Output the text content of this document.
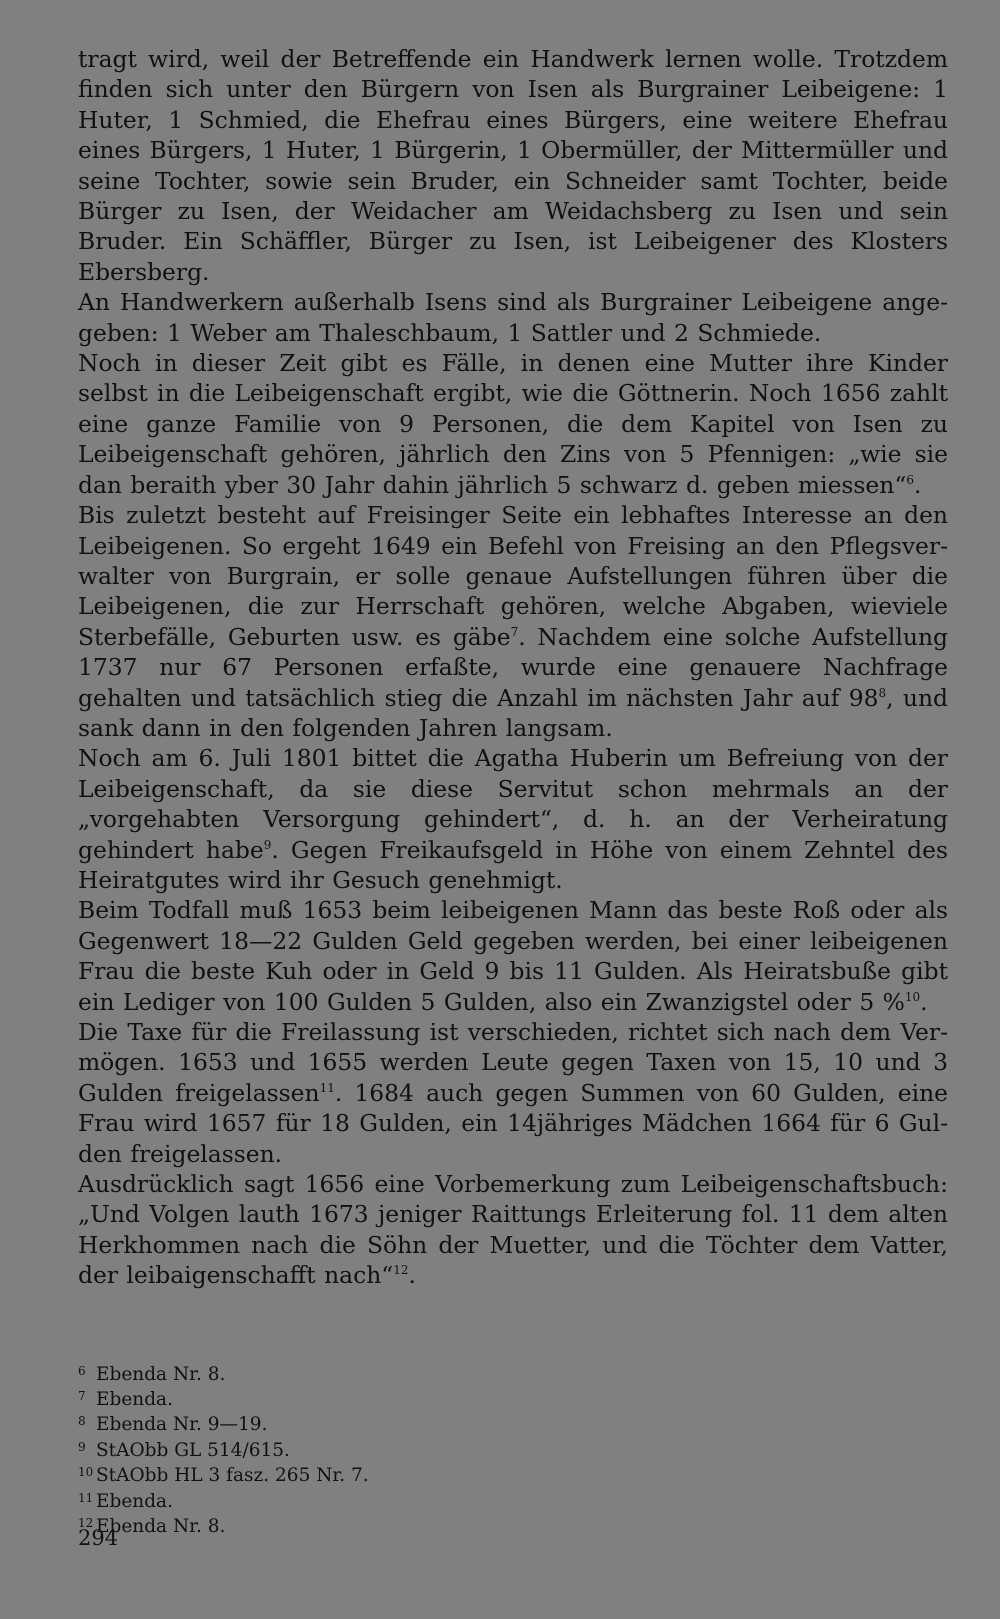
tragt wird, weil der Betreffende ein Handwerk lernen wolle. Trotzdem finden sich unter den Bürgern von Isen als Burgrainer Leibeigene: 1 Huter, 1 Schmied, die Ehefrau eines Bürgers, eine weitere Ehefrau eines Bürgers, 1 Huter, 1 Bürgerin, 1 Obermüller, der Mittermüller und seine Tochter, sowie sein Bruder, ein Schneider samt Tochter, beide Bürger zu Isen, der Weidacher am Weidachsberg zu Isen und sein Bruder. Ein Schäffler, Bürger zu Isen, ist Leibeigener des Klosters Ebersberg.

An Handwerkern außerhalb Isens sind als Burgrainer Leibeigene angegeben: 1 Weber am Thaleschbaum, 1 Sattler und 2 Schmiede.

Noch in dieser Zeit gibt es Fälle, in denen eine Mutter ihre Kinder selbst in die Leibeigenschaft ergibt, wie die Göttnerin. Noch 1656 zahlt eine ganze Familie von 9 Personen, die dem Kapitel von Isen zu Leibeigenschaft gehören, jährlich den Zins von 5 Pfennigen: „wie sie dan beraith yber 30 Jahr dahin jährlich 5 schwarz d. geben miessen“$^6$.

Bis zuletzt besteht auf Freisinger Seite ein lebhaftes Interesse an den Leibeigenen. So ergeht 1649 ein Befehl von Freising an den Pflegsverwalter von Burgrain, er solle genaue Aufstellungen führen über die Leibeigenen, die zur Herrschaft gehören, welche Abgaben, wieviele Sterbefälle, Geburten usw. es gäbe$^7$. Nachdem eine solche Aufstellung 1737 nur 67 Personen erfaßte, wurde eine genauere Nachfrage gehalten und tatsächlich stieg die Anzahl im nächsten Jahr auf $98^8$, und sank dann in den folgenden Jahren langsam.

Noch am 6. Juli 1801 bittet die Agatha Huberin um Befreiung von der Leibeigenschaft, da sie diese Servitut schon mehrmals an der „vorgehabten Versorgung gehindert“, d. h. an der Verheiratung gehindert habe$^9$. Gegen Freikaufsgeld in Höhe von einem Zehntel des Heiratgutes wird ihr Gesuch genehmigt.

Beim Todfall muß 1653 beim leibeigenen Mann das beste Roß oder als Gegenwert 18—22 Gulden Geld gegeben werden, bei einer leibeigenen Frau die beste Kuh oder in Geld 9 bis 11 Gulden. Als Heiratsbuße gibt ein Lediger von 100 Gulden 5 Gulden, also ein Zwanzigstel oder 5 %$^{10}$.

Die Taxe für die Freilassung ist verschieden, richtet sich nach dem Vermögen. 1653 und 1655 werden Leute gegen Taxen von 15, 10 und 3 Gulden freigelassen$^{11}$. 1684 auch gegen Summen von 60 Gulden, eine Frau wird 1657 für 18 Gulden, ein 14jähriges Mädchen 1664 für 6 Gulden freigelassen.

Ausdrücklich sagt 1656 eine Vorbemerkung zum Leibeigenschaftsbuch: „Und Volgen lauth 1673 jeniger Raittungs Erleiterung fol. 11 dem alten Herkhommen nach die Söhn der Muetter, und die Töchter dem Vatter, der leibaigenschafft nach“$^{12}$.

6 Ebenda Nr. 8.
7 Ebenda.
8 Ebenda Nr. 9—19.
9 StAObb GL 514/615.
10 StAObb HL 3 fasz. 265 Nr. 7.
11 Ebenda.
12 Ebenda Nr. 8.
294
